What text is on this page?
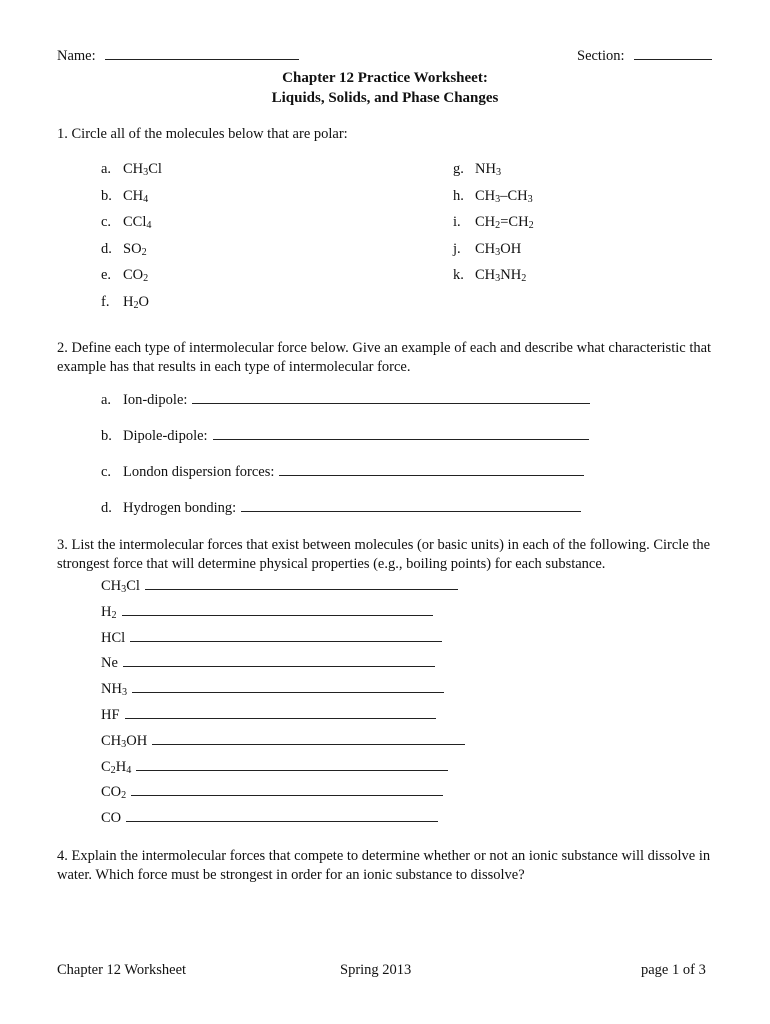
Name:	Section:
Chapter 12 Practice Worksheet:
Liquids, Solids, and Phase Changes
1. Circle all of the molecules below that are polar:
a. $CH_3Cl$
b. $CH_4$
c. CCl$_4$
d. $SO_2$
e. $CO_2$
f. $H_2O$
g. $NH_3$
h. $CH_3-CH_3$
i. $CH_2=CH_2$
j. $CH_3OH$
k. $CH_3NH_2$
2. Define each type of intermolecular force below. Give an example of each and describe what characteristic that example has that results in each type of intermolecular force.
a. Ion-dipole:
b. Dipole-dipole:
c. London dispersion forces:
d. Hydrogen bonding:
3. List the intermolecular forces that exist between molecules (or basic units) in each of the following. Circle the strongest force that will determine physical properties (e.g., boiling points) for each substance.
$CH_3Cl$
$H_2$
HCl
Ne
$NH_3$
HF
$CH_3OH$
$C_2H_4$
$CO_2$
CO
4. Explain the intermolecular forces that compete to determine whether or not an ionic substance will dissolve in water. Which force must be strongest in order for an ionic substance to dissolve?
Chapter 12 Worksheet	Spring 2013	page 1 of 3
